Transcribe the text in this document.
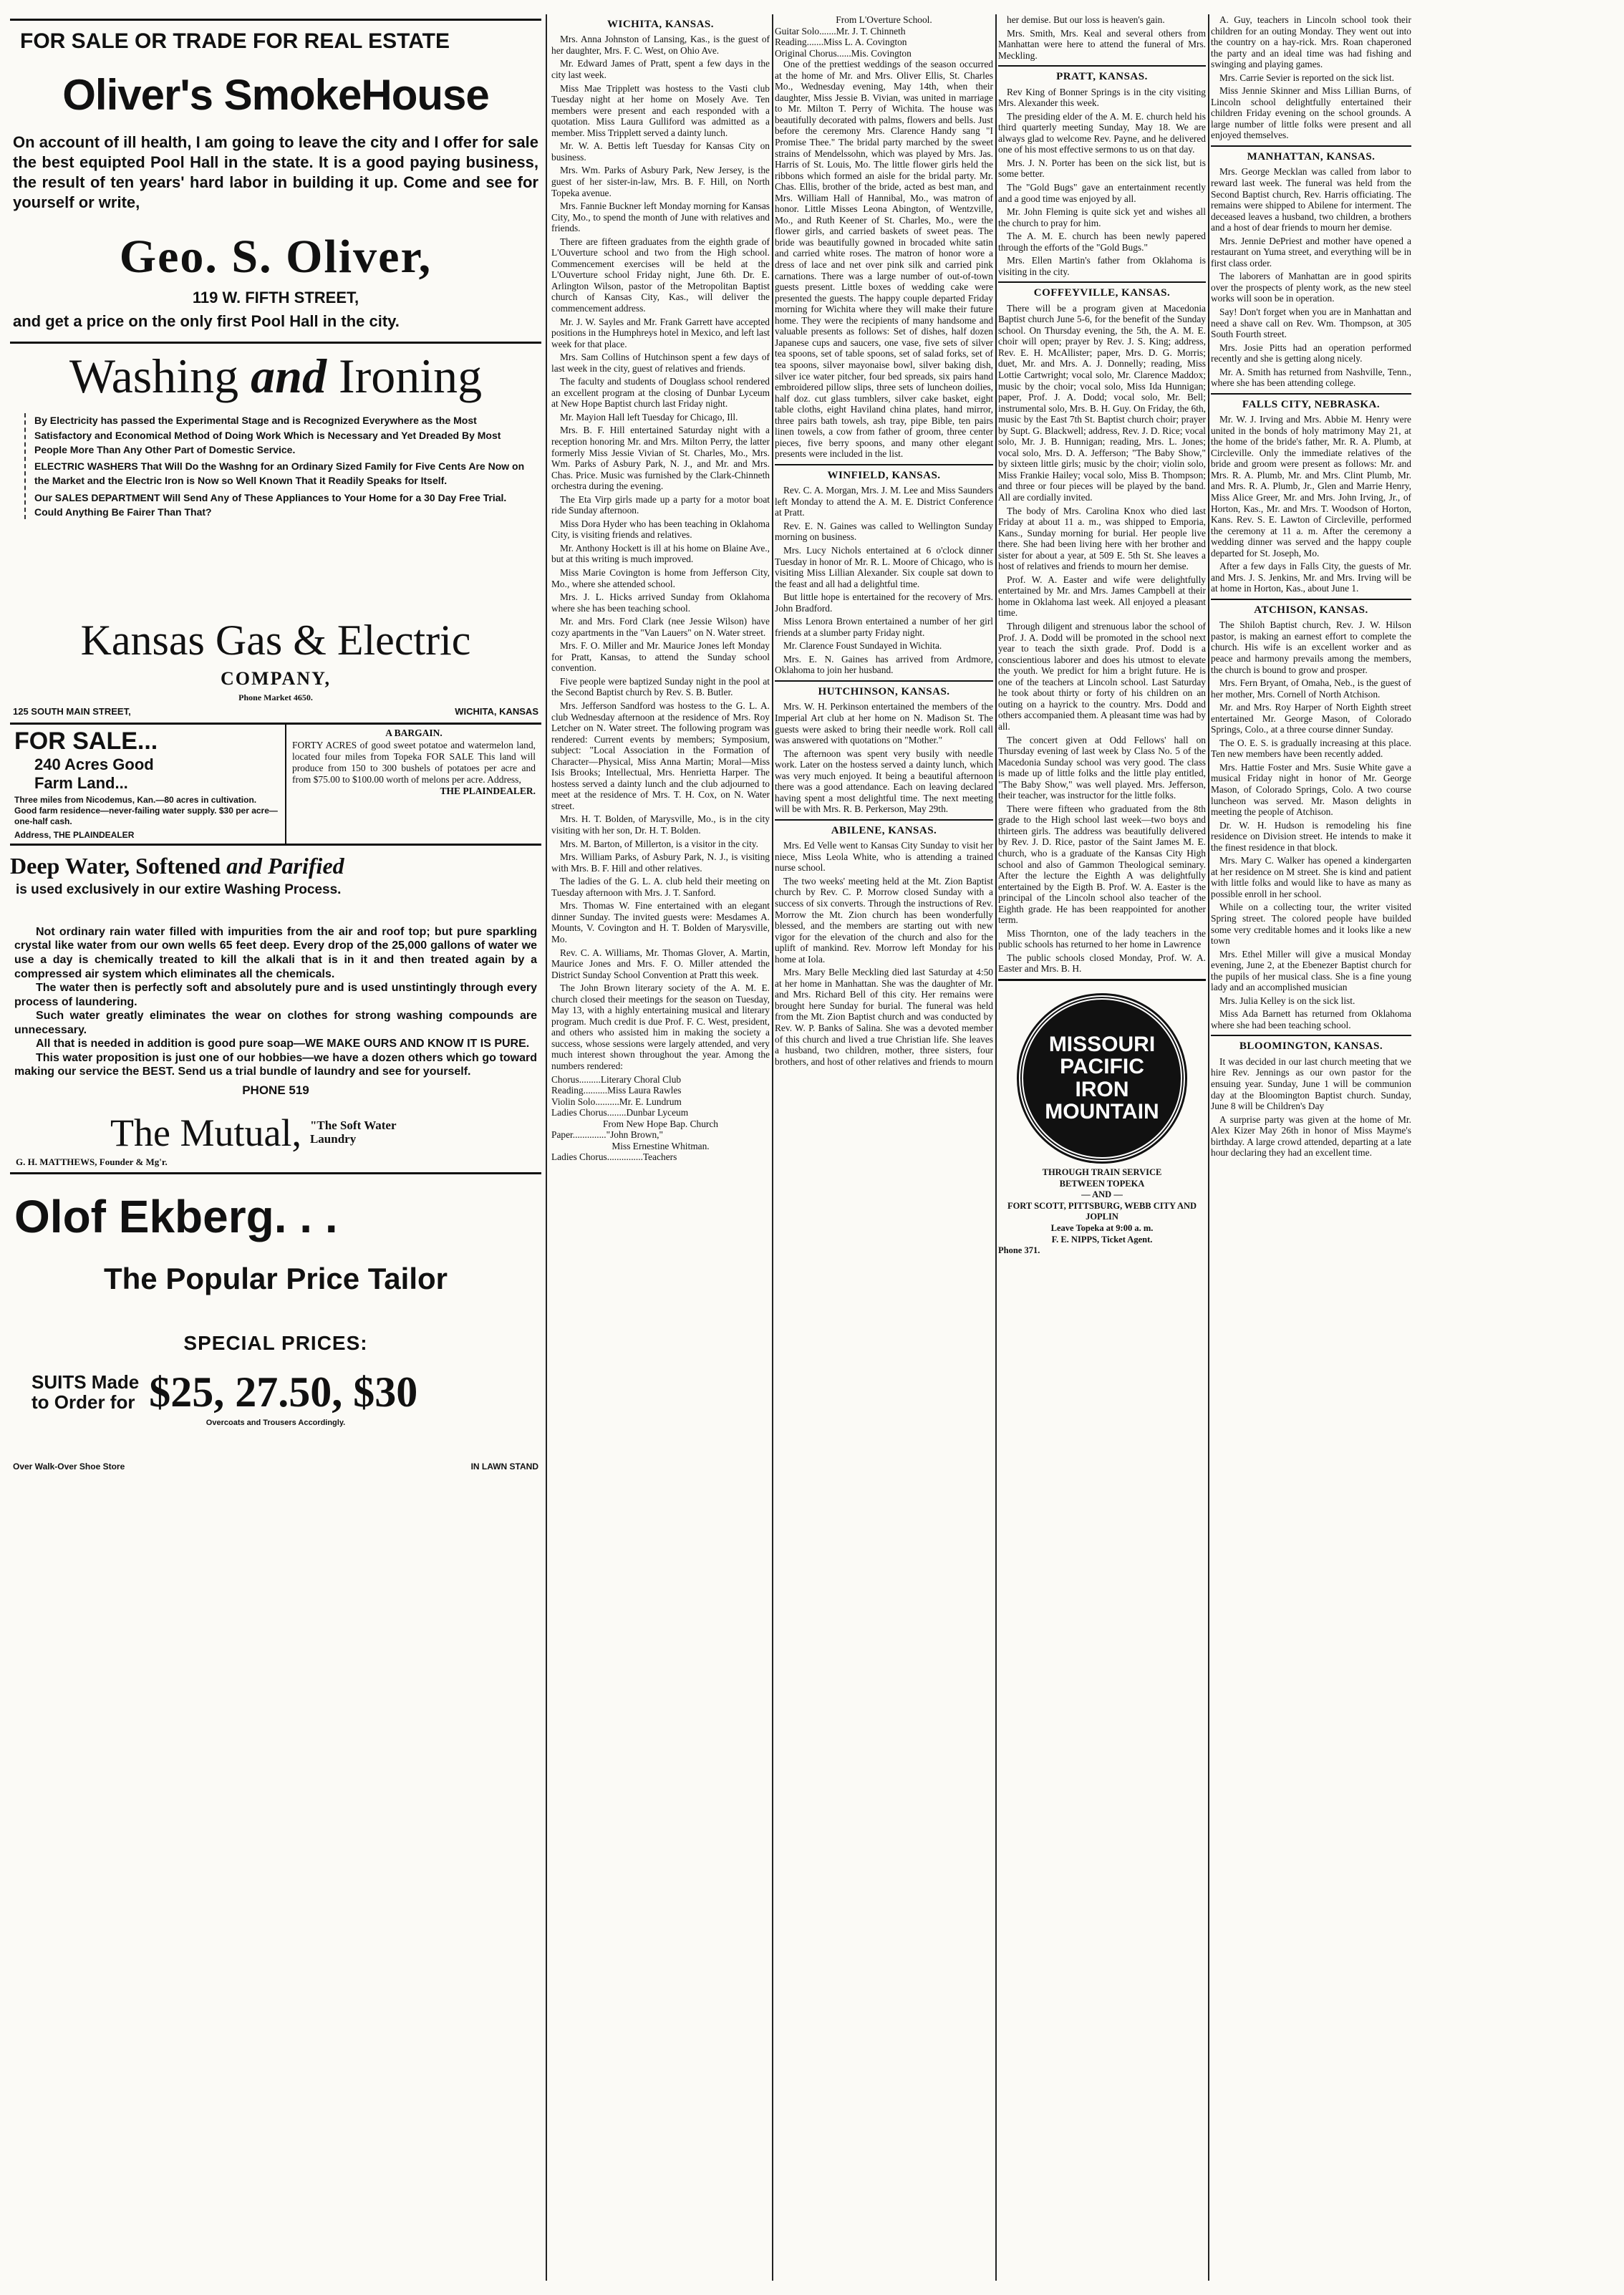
FOR SALE OR TRADE FOR REAL ESTATE
Oliver's SmokeHouse
On account of ill health, I am going to leave the city and I offer for sale the best equipted Pool Hall in the state. It is a good paying business, the result of ten years' hard labor in building it up. Come and see for yourself or write,
Geo. S. Oliver,
119 W. FIFTH STREET,
and get a price on the only first Pool Hall in the city.
Washing and Ironing

By Electricity has passed the Experimental Stage and is Recognized Everywhere as the Most Satisfactory and Economical Method of Doing Work Which is Necessary and Yet Dreaded By Most People More Than Any Other Part of Domestic Service.

ELECTRIC WASHERS That Will Do the Washng for an Ordinary Sized Family for Five Cents Are Now on the Market and the Electric Iron is Now so Well Known That it Readily Speaks for Itself.

Our SALES DEPARTMENT Will Send Any of These Appliances to Your Home for a 30 Day Free Trial. Could Anything Be Fairer Than That?

Kansas Gas & Electric
COMPANY,
Phone Market 4650.
125 SOUTH MAIN STREET,	WICHITA, KANSAS
FOR SALE...
240 Acres Good
Farm Land...
Three miles from Nicodemus, Kan.—80 acres in cultivation. Good farm residence—never-failing water supply. $30 per acre—one-half cash.
Address, THE PLAINDEALER
A BARGAIN.
FORTY ACRES of good sweet potatoe and watermelon land, located four miles from Topeka FOR SALE This land will produce from 150 to 300 bushels of potatoes per acre and from $75.00 to $100.00 worth of melons per acre. Address,
THE PLAINDEALER.
Deep Water, Softened and Parified
is used exclusively in our extire Washing Process.

Not ordinary rain water filled with impurities from the air and roof top; but pure sparkling crystal like water from our own wells 65 feet deep. Every drop of the 25,000 gallons of water we use a day is chemically treated to kill the alkali that is in it and then treated again by a compressed air system which eliminates all the chemicals.

The water then is perfectly soft and absolutely pure and is used unstintingly through every process of laundering.

Such water greatly eliminates the wear on clothes for strong washing compounds are unnecessary.

All that is needed in addition is good pure soap—WE MAKE OURS AND KNOW IT IS PURE.

This water proposition is just one of our hobbies—we have a dozen others which go toward making our service the BEST. Send us a trial bundle of laundry and see for yourself.

PHONE 519
The Mutual, "The Soft Water
Laundry
G. H. MATTHEWS, Founder & Mg'r.
Olof Ekberg. . .
The Popular Price Tailor
SPECIAL PRICES:
SUITS Made
to Order for $25, 27.50, $30
Overcoats and Trousers Accordingly.
Over Walk-Over Shoe Store	IN LAWN STAND
WICHITA, KANSAS.

Mrs. Anna Johnston of Lansing, Kas., is the guest of her daughter, Mrs. F. C. West, on Ohio Ave.

Mr. Edward James of Pratt, spent a few days in the city last week.

Miss Mae Tripplett was hostess to the Vasti club Tuesday night at her home on Mosely Ave. Ten members were present and each responded with a quotation. Miss Laura Gulliford was admitted as a member. Miss Tripplett served a dainty lunch.

Mr. W. A. Bettis left Tuesday for Kansas City on business.

Mrs. Wm. Parks of Asbury Park, New Jersey, is the guest of her sister-in-law, Mrs. B. F. Hill, on North Topeka avenue.

Mrs. Fannie Buckner left Monday morning for Kansas City, Mo., to spend the month of June with relatives and friends.

There are fifteen graduates from the eighth grade of L'Ouverture school and two from the High school. Commencement exercises will be held at the L'Ouverture school Friday night, June 6th. Dr. E. Arlington Wilson, pastor of the Metropolitan Baptist church of Kansas City, Kas., will deliver the commencement address.

Mr. J. W. Sayles and Mr. Frank Garrett have accepted positions in the Humphreys hotel in Mexico, and left last week for that place.

Mrs. Sam Collins of Hutchinson spent a few days of last week in the city, guest of relatives and friends.

The faculty and students of Douglass school rendered an excellent program at the closing of Dunbar Lyceum at New Hope Baptist church last Friday night.

Mr. Mayion Hall left Tuesday for Chicago, Ill.

Mrs. B. F. Hill entertained Saturday night with a reception honoring Mr. and Mrs. Milton Perry, the latter formerly Miss Jessie Vivian of St. Charles, Mo., Mrs. Wm. Parks of Asbury Park, N. J., and Mr. and Mrs. Chas. Price. Music was furnished by the Clark-Chinneth orchestra during the evening.

The Eta Virp girls made up a party for a motor boat ride Sunday afternoon.

Miss Dora Hyder who has been teaching in Oklahoma City, is visiting friends and relatives.

Mr. Anthony Hockett is ill at his home on Blaine Ave., but at this writing is much improved.

Miss Marie Covington is home from Jefferson City, Mo., where she attended school.

Mrs. J. L. Hicks arrived Sunday from Oklahoma where she has been teaching school.

Mr. and Mrs. Ford Clark (nee Jessie Wilson) have cozy apartments in the "Van Lauers" on N. Water street.

Mrs. F. O. Miller and Mr. Maurice Jones left Monday for Pratt, Kansas, to attend the Sunday school convention.

Five people were baptized Sunday night in the pool at the Second Baptist church by Rev. S. B. Butler.

Mrs. Jefferson Sandford was hostess to the G. L. A. club Wednesday afternoon at the residence of Mrs. Roy Letcher on N. Water street. The following program was rendered: Current events by members; Symposium, subject: "Local Association in the Formation of Character—Physical, Miss Anna Martin; Moral—Miss Isis Brooks; Intellectual, Mrs. Henrietta Harper. The hostess served a dainty lunch and the club adjourned to meet at the residence of Mrs. T. H. Cox, on N. Water street.

Mrs. H. T. Bolden, of Marysville, Mo., is in the city visiting with her son, Dr. H. T. Bolden.

Mrs. M. Barton, of Millerton, is a visitor in the city.

Mrs. William Parks, of Asbury Park, N. J., is visiting with Mrs. B. F. Hill and other relatives.

The ladies of the G. L. A. club held their meeting on Tuesday afternoon with Mrs. J. T. Sanford.

Mrs. Thomas W. Fine entertained with an elegant dinner Sunday. The invited guests were: Mesdames A. Mounts, V. Covington and H. T. Bolden of Marysville, Mo.

Rev. C. A. Williams, Mr. Thomas Glover, A. Martin, Maurice Jones and Mrs. F. O. Miller attended the District Sunday School Convention at Pratt this week.

The John Brown literary society of the A. M. E. church closed their meetings for the season on Tuesday, May 13, with a highly entertaining musical and literary program. Much credit is due Prof. F. C. West, president, and others who assisted him in making the society a success, whose sessions were largely attended, and very much interest shown throughout the year. Among the numbers rendered:

Chorus.........Literary Choral Club
Reading..........Miss Laura Rawles
Violin Solo..........Mr. E. Lundrum
Ladies Chorus........Dunbar Lyceum
From New Hope Bap. Church
Paper.............."John Brown,"
Miss Ernestine Whitman.
Ladies Chorus...............Teachers
From L'Overture School.
Guitar Solo.......Mr. J. T. Chinneth
Reading.......Miss L. A. Covington
Original Chorus......Mis. Covington

One of the prettiest weddings of the season occurred at the home of Mr. and Mrs. Oliver Ellis, St. Charles Mo., Wednesday evening, May 14th, when their daughter, Miss Jessie B. Vivian, was united in marriage to Mr. Milton T. Perry of Wichita. The house was beautifully decorated with palms, flowers and bells. Just before the ceremony Mrs. Clarence Handy sang "I Promise Thee." The bridal party marched by the sweet strains of Mendelssohn, which was played by Mrs. Jas. Harris of St. Louis, Mo. The little flower girls held the ribbons which formed an aisle for the bridal party. Mr. Chas. Ellis, brother of the bride, acted as best man, and Mrs. William Hall of Hannibal, Mo., was matron of honor. Little Misses Leona Abington, of Wentzville, Mo., and Ruth Keener of St. Charles, Mo., were the flower girls, and carried baskets of sweet peas. The bride was beautifully gowned in brocaded white satin and carried white roses. The matron of honor wore a dress of lace and net over pink silk and carried pink carnations. There was a large number of out-of-town guests present. Little boxes of wedding cake were presented the guests. The happy couple departed Friday morning for Wichita where they will make their future home. They were the recipients of many handsome and valuable presents as follows: Set of dishes, half dozen Japanese cups and saucers, one vase, five sets of silver tea spoons, set of table spoons, set of salad forks, set of tea spoons, silver mayonaise bowl, silver baking dish, silver ice water pitcher, four bed spreads, six pairs hand embroidered pillow slips, three sets of luncheon doilies, half doz. cut glass tumblers, silver cake basket, eight table cloths, eight Haviland china plates, hand mirror, three pairs bath towels, ash tray, pipe Bible, ten pairs linen towels, a cow from father of groom, three center pieces, five berry spoons, and many other elegant presents were included in the list.

WINFIELD, KANSAS.

Rev. C. A. Morgan, Mrs. J. M. Lee and Miss Saunders left Monday to attend the A. M. E. District Conference at Pratt.

Rev. E. N. Gaines was called to Wellington Sunday morning on business.

Mrs. Lucy Nichols entertained at 6 o'clock dinner Tuesday in honor of Mr. R. L. Moore of Chicago, who is visiting Miss Lillian Alexander. Six couple sat down to the feast and all had a delightful time.

But little hope is entertained for the recovery of Mrs. John Bradford.

Miss Lenora Brown entertained a number of her girl friends at a slumber party Friday night.

Mr. Clarence Foust Sundayed in Wichita.

Mrs. E. N. Gaines has arrived from Ardmore, Oklahoma to join her husband.

HUTCHINSON, KANSAS.

Mrs. W. H. Perkinson entertained the members of the Imperial Art club at her home on N. Madison St. The guests were asked to bring their needle work. Roll call was answered with quotations on "Mother."

The afternoon was spent very busily with needle work. Later on the hostess served a dainty lunch, which was very much enjoyed. It being a beautiful afternoon there was a good attendance. Each on leaving declared having spent a most delightful time. The next meeting will be with Mrs. R. B. Perkerson, May 29th.

ABILENE, KANSAS.

Mrs. Ed Velle went to Kansas City Sunday to visit her niece, Miss Leola White, who is attending a trained nurse school.

The two weeks' meeting held at the Mt. Zion Baptist church by Rev. C. P. Morrow closed Sunday with a success of six converts. Through the instructions of Rev. Morrow the Mt. Zion church has been wonderfully blessed, and the members are starting out with new vigor for the elevation of the church and also for the uplift of mankind. Rev. Morrow left Monday for his home at Iola.

Mrs. Mary Belle Meckling died last Saturday at 4:50 at her home in Manhattan. She was the daughter of Mr. and Mrs. Richard Bell of this city. Her remains were brought here Sunday for burial. The funeral was held from the Mt. Zion Baptist church and was conducted by Rev. W. P. Banks of Salina. She was a devoted member of this church and lived a true Christian life. She leaves a husband, two children, mother, three sisters, four brothers, and host of other relatives and friends to mourn

her demise. But our loss is heaven's gain.

Mrs. Smith, Mrs. Keal and several others from Manhattan were here to attend the funeral of Mrs. Meckling.

PRATT, KANSAS.

Rev King of Bonner Springs is in the city visiting Mrs. Alexander this week.

The presiding elder of the A. M. E. church held his third quarterly meeting Sunday, May 18. We are always glad to welcome Rev. Payne, and he delivered one of his most effective sermons to us on that day.

Mrs. J. N. Porter has been on the sick list, but is some better.

The "Gold Bugs" gave an entertainment recently and a good time was enjoyed by all.

Mr. John Fleming is quite sick yet and wishes all the church to pray for him.

The A. M. E. church has been newly papered through the efforts of the "Gold Bugs."

Mrs. Ellen Martin's father from Oklahoma is visiting in the city.

COFFEYVILLE, KANSAS.

There will be a program given at Macedonia Baptist church June 5-6, for the benefit of the Sunday school. On Thursday evening, the 5th, the A. M. E. choir will open; prayer by Rev. J. S. King; address, Rev. E. H. McAllister; paper, Mrs. D. G. Morris; duet, Mr. and Mrs. A. J. Donnelly; reading, Miss Lottie Cartwright; vocal solo, Mr. Clarence Maddox; music by the choir; vocal solo, Miss Ida Hunnigan; paper, Prof. J. A. Dodd; vocal solo, Mr. Bell; instrumental solo, Mrs. B. H. Guy. On Friday, the 6th, music by the East 7th St. Baptist church choir; prayer by Supt. G. Blackwell; address, Rev. J. D. Rice; vocal solo, Mr. J. B. Hunnigan; reading, Mrs. L. Jones; vocal solo, Mrs. D. A. Jefferson; "The Baby Show," by sixteen little girls; music by the choir; violin solo, Miss Frankie Hailey; vocal solo, Miss B. Thompson; and three or four pieces will be played by the band. All are cordially invited.

The body of Mrs. Carolina Knox who died last Friday at about 11 a. m., was shipped to Emporia, Kans., Sunday morning for burial. Her people live there. She had been living here with her brother and sister for about a year, at 509 E. 5th St. She leaves a host of relatives and friends to mourn her demise.

Prof. W. A. Easter and wife were delightfully entertained by Mr. and Mrs. James Campbell at their home in Oklahoma last week. All enjoyed a pleasant time.

Through diligent and strenuous labor the school of Prof. J. A. Dodd will be promoted in the school next year to teach the sixth grade. Prof. Dodd is a conscientious laborer and does his utmost to elevate the youth. We predict for him a bright future. He is one of the teachers at Lincoln school. Last Saturday he took about thirty or forty of his children on an outing on a hayrick to the country. Mrs. Dodd and others accompanied them. A pleasant time was had by all.

The concert given at Odd Fellows' hall on Thursday evening of last week by Class No. 5 of the Macedonia Sunday school was very good. The class is made up of little folks and the little play entitled, "The Baby Show," was well played. Mrs. Jefferson, their teacher, was instructor for the little folks.

There were fifteen who graduated from the 8th grade to the High school last week—two boys and thirteen girls. The address was beautifully delivered by Rev. J. D. Rice, pastor of the Saint James M. E. church, who is a graduate of the Kansas City High school and also of Gammon Theological seminary. After the lecture the Eighth A was delightfully entertained by the Eigth B. Prof. W. A. Easter is the principal of the Lincoln school also teacher of the Eighth grade. He has been reappointed for another term.

Miss Thornton, one of the lady teachers in the public schools has returned to her home in Lawrence

The public schools closed Monday, Prof. W. A. Easter and Mrs. B. H.

MISSOURI
PACIFIC
IRON
MOUNTAIN
THROUGH TRAIN SERVICE
BETWEEN TOPEKA
— AND —
FORT SCOTT, PITTSBURG, WEBB CITY AND JOPLIN
Leave Topeka at 9:00 a. m.
F. E. NIPPS, Ticket Agent.
Phone 371.

A. Guy, teachers in Lincoln school took their children for an outing Monday. They went out into the country on a hay-rick. Mrs. Roan chaperoned the party and an ideal time was had fishing and swinging and playing games.

Mrs. Carrie Sevier is reported on the sick list.

Miss Jennie Skinner and Miss Lillian Burns, of Lincoln school delightfully entertained their children Friday evening on the school grounds. A large number of little folks were present and all enjoyed themselves.

MANHATTAN, KANSAS.

Mrs. George Mecklan was called from labor to reward last week. The funeral was held from the Second Baptist church, Rev. Harris officiating. The remains were shipped to Abilene for interment. The deceased leaves a husband, two children, a brothers and a host of dear friends to mourn her demise.

Mrs. Jennie DePriest and mother have opened a restaurant on Yuma street, and everything will be in first class order.

The laborers of Manhattan are in good spirits over the prospects of plenty work, as the new steel works will soon be in operation.

Say! Don't forget when you are in Manhattan and need a shave call on Rev. Wm. Thompson, at 305 South Fourth street.

Mrs. Josie Pitts had an operation performed recently and she is getting along nicely.

Mr. A. Smith has returned from Nashville, Tenn., where she has been attending college.

FALLS CITY, NEBRASKA.

Mr. W. J. Irving and Mrs. Abbie M. Henry were united in the bonds of holy matrimony May 21, at the home of the bride's father, Mr. R. A. Plumb, at Circleville. Only the immediate relatives of the bride and groom were present as follows: Mr. and Mrs. R. A. Plumb, Mr. and Mrs. Clint Plumb, Mr. and Mrs. R. A. Plumb, Jr., Glen and Marrie Henry, Miss Alice Greer, Mr. and Mrs. John Irving, Jr., of Horton, Kas., Mr. and Mrs. T. Woodson of Horton, Kans. Rev. S. E. Lawton of Circleville, performed the ceremony at 11 a. m. After the ceremony a wedding dinner was served and the happy couple departed for St. Joseph, Mo.

After a few days in Falls City, the guests of Mr. and Mrs. J. S. Jenkins, Mr. and Mrs. Irving will be at home in Horton, Kas., about June 1.

ATCHISON, KANSAS.

The Shiloh Baptist church, Rev. J. W. Hilson pastor, is making an earnest effort to complete the church. His wife is an excellent worker and as peace and harmony prevails among the members, the church is bound to grow and prosper.

Mrs. Fern Bryant, of Omaha, Neb., is the guest of her mother, Mrs. Cornell of North Atchison.

Mr. and Mrs. Roy Harper of North Eighth street entertained Mr. George Mason, of Colorado Springs, Colo., at a three course dinner Sunday.

The O. E. S. is gradually increasing at this place. Ten new members have been recently added.

Mrs. Hattie Foster and Mrs. Susie White gave a musical Friday night in honor of Mr. George Mason, of Colorado Springs, Colo. A two course luncheon was served. Mr. Mason delights in meeting the people of Atchison.

Dr. W. H. Hudson is remodeling his fine residence on Division street. He intends to make it the finest residence in that block.

Mrs. Mary C. Walker has opened a kindergarten at her residence on M street. She is kind and patient with little folks and would like to have as many as possible enroll in her school.

While on a collecting tour, the writer visited Spring street. The colored people have builded some very creditable homes and it looks like a new town

Mrs. Ethel Miller will give a musical Monday evening, June 2, at the Ebenezer Baptist church for the pupils of her musical class. She is a fine young lady and an accomplished musician

Mrs. Julia Kelley is on the sick list.

Miss Ada Barnett has returned from Oklahoma where she had been teaching school.

BLOOMINGTON, KANSAS.

It was decided in our last church meeting that we hire Rev. Jennings as our own pastor for the ensuing year. Sunday, June 1 will be communion day at the Bloomington Baptist church. Sunday, June 8 will be Children's Day

A surprise party was given at the home of Mr. Alex Kizer May 26th in honor of Miss Mayme's birthday. A large crowd attended, departing at a late hour declaring they had an excellent time.
